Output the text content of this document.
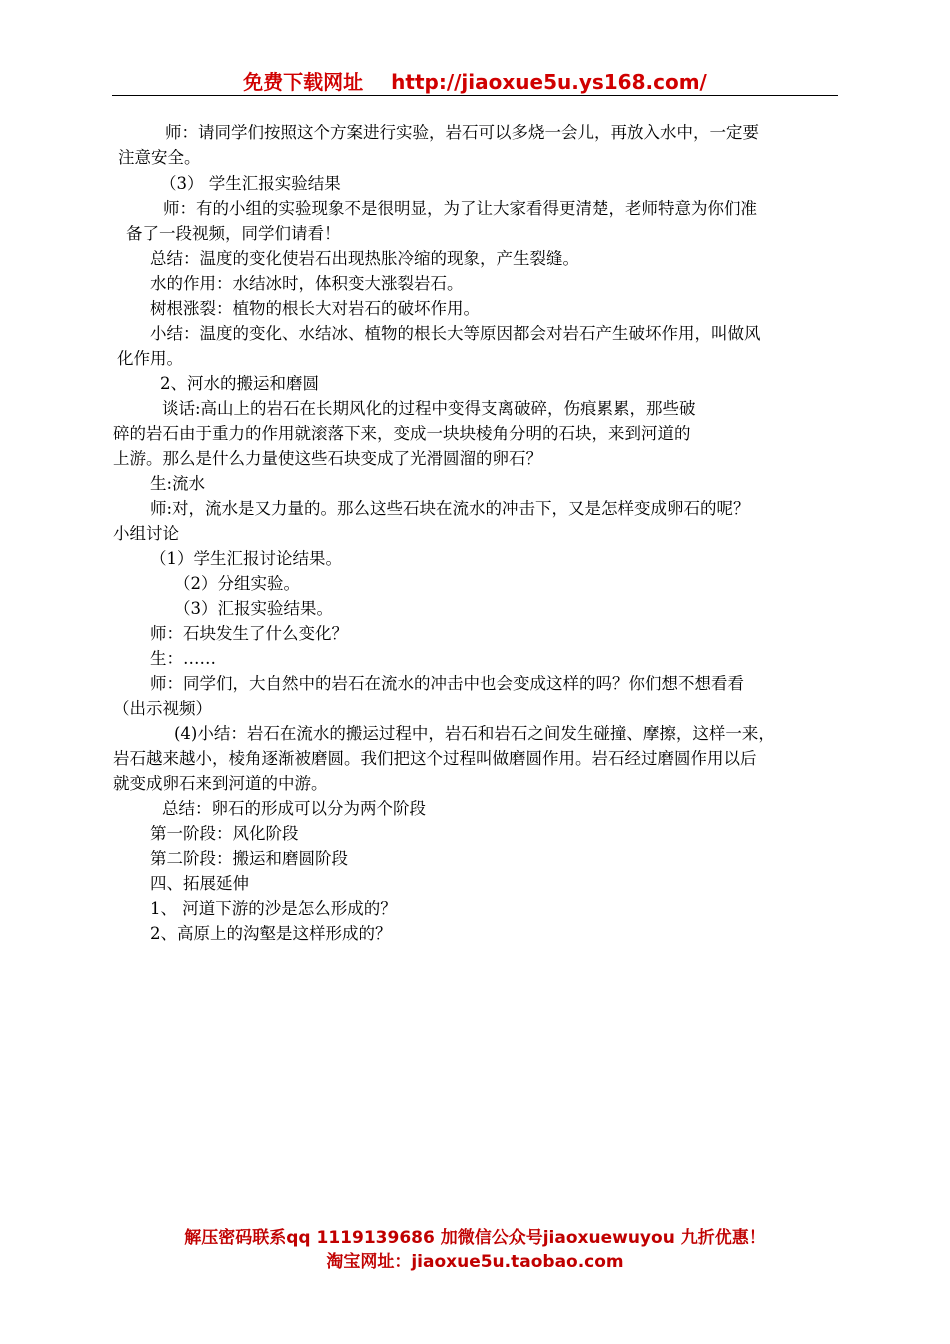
免费下载网址 http://jiaoxue5u.ys168.com/
师：请同学们按照这个方案进行实验，岩石可以多烧一会儿，再放入水中，一定要
注意安全。
（3） 学生汇报实验结果
师：有的小组的实验现象不是很明显，为了让大家看得更清楚，老师特意为你们准
备了一段视频，同学们请看！
总结：温度的变化使岩石出现热胀冷缩的现象，产生裂缝。
水的作用：水结冰时，体积变大涨裂岩石。
树根涨裂：植物的根长大对岩石的破坏作用。
小结：温度的变化、水结冰、植物的根长大等原因都会对岩石产生破坏作用，叫做风
化作用。
2、河水的搬运和磨圆
谈话:高山上的岩石在长期风化的过程中变得支离破碎，伤痕累累，那些破
碎的岩石由于重力的作用就滚落下来，变成一块块棱角分明的石块，来到河道的
上游。那么是什么力量使这些石块变成了光滑圆溜的卵石？
生:流水
师:对，流水是又力量的。那么这些石块在流水的冲击下，又是怎样变成卵石的呢？
小组讨论
（1）学生汇报讨论结果。
（2）分组实验。
（3）汇报实验结果。
师：石块发生了什么变化？
生：……
师：同学们，大自然中的岩石在流水的冲击中也会变成这样的吗？你们想不想看看
（出示视频）
(4)小结：岩石在流水的搬运过程中，岩石和岩石之间发生碰撞、摩擦，这样一来，
岩石越来越小，棱角逐渐被磨圆。我们把这个过程叫做磨圆作用。岩石经过磨圆作用以后
就变成卵石来到河道的中游。
总结：卵石的形成可以分为两个阶段
第一阶段：风化阶段
第二阶段：搬运和磨圆阶段
四、拓展延伸
1、 河道下游的沙是怎么形成的？
2、高原上的沟壑是这样形成的？
解压密码联系qq 1119139686 加微信公众号jiaoxuewuyou 九折优惠！
淘宝网址：jiaoxue5u.taobao.com
